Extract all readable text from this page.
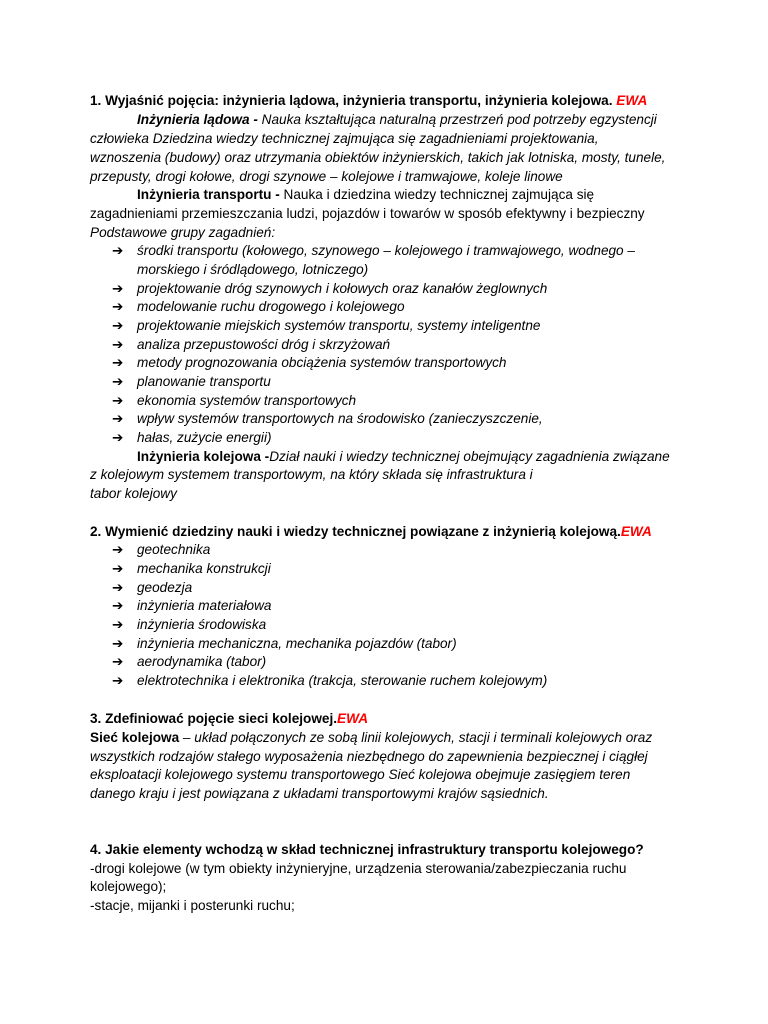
1. Wyjaśnić pojęcia: inżynieria lądowa, inżynieria transportu, inżynieria kolejowa. EWA
Inżynieria lądowa - Nauka kształtująca naturalną przestrzeń pod potrzeby egzystencji
człowieka Dziedzina wiedzy technicznej zajmująca się zagadnieniami projektowania,
wznoszenia (budowy) oraz utrzymania obiektów inżynierskich, takich jak lotniska, mosty, tunele,
przepusty, drogi kołowe, drogi szynowe – kolejowe i tramwajowe, koleje linowe
Inżynieria transportu - Nauka i dziedzina wiedzy technicznej zajmująca się
zagadnieniami przemieszczania ludzi, pojazdów i towarów w sposób efektywny i bezpieczny
Podstawowe grupy zagadnień:
➔ środki transportu (kołowego, szynowego – kolejowego i tramwajowego, wodnego –
morskiego i śródlądowego, lotniczego)
➔ projektowanie dróg szynowych i kołowych oraz kanałów żeglownych
➔ modelowanie ruchu drogowego i kolejowego
➔ projektowanie miejskich systemów transportu, systemy inteligentne
➔ analiza przepustowości dróg i skrzyżowań
➔ metody prognozowania obciążenia systemów transportowych
➔ planowanie transportu
➔ ekonomia systemów transportowych
➔ wpływ systemów transportowych na środowisko (zanieczyszczenie,
➔ hałas, zużycie energii)
Inżynieria kolejowa -Dział nauki i wiedzy technicznej obejmujący zagadnienia związane
z kolejowym systemem transportowym, na który składa się infrastruktura i
tabor kolejowy
2. Wymienić dziedziny nauki i wiedzy technicznej powiązane z inżynierią kolejową.EWA
➔ geotechnika
➔ mechanika konstrukcji
➔ geodezja
➔ inżynieria materiałowa
➔ inżynieria środowiska
➔ inżynieria mechaniczna, mechanika pojazdów (tabor)
➔ aerodynamika (tabor)
➔ elektrotechnika i elektronika (trakcja, sterowanie ruchem kolejowym)
3. Zdefiniować pojęcie sieci kolejowej.EWA
Sieć kolejowa – układ połączonych ze sobą linii kolejowych, stacji i terminali kolejowych oraz
wszystkich rodzajów stałego wyposażenia niezbędnego do zapewnienia bezpiecznej i ciągłej
eksploatacji kolejowego systemu transportowego Sieć kolejowa obejmuje zasięgiem teren
danego kraju i jest powiązana z układami transportowymi krajów sąsiednich.
4. Jakie elementy wchodzą w skład technicznej infrastruktury transportu kolejowego?
-drogi kolejowe (w tym obiekty inżynieryjne, urządzenia sterowania/zabezpieczania ruchu
kolejowego);
-stacje, mijanki i posterunki ruchu;
